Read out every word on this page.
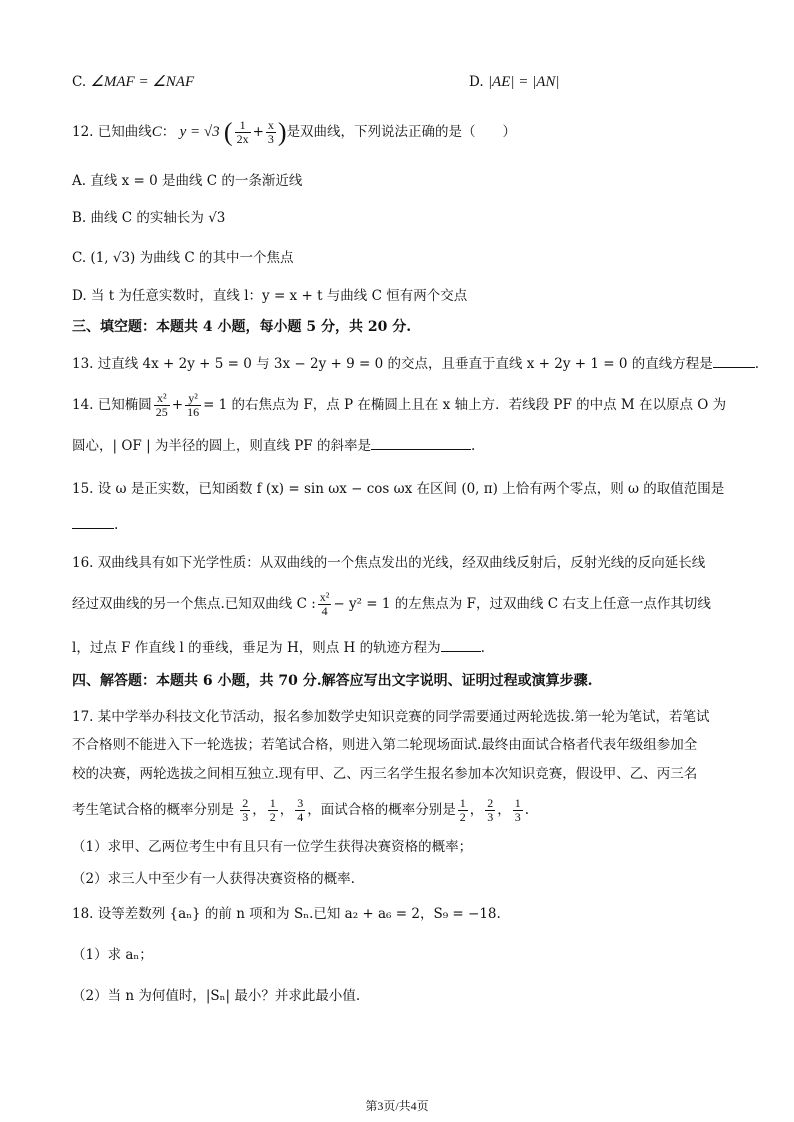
C. ∠MAF = ∠NAF	D. |AE| = |AN|
12. 已知曲线C： y = √3 ( $\frac{1}{2x} + \frac{x}{3}$ )是双曲线，下列说法正确的是（　　）
A. 直线 x = 0 是曲线 C 的一条渐近线
B. 曲线 C 的实轴长为 √3
C. (1, √3) 为曲线 C 的其中一个焦点
D. 当 t 为任意实数时，直线 l：y = x + t 与曲线 C 恒有两个交点
三、填空题：本题共 4 小题，每小题 5 分，共 20 分.
13. 过直线 4x + 2y + 5 = 0 与 3x − 2y + 9 = 0 的交点，且垂直于直线 x + 2y + 1 = 0 的直线方程是	.
14. 已知椭圆 $\frac{\text{x²}}{25} + \frac{\text{y²}}{16} = 1$ 的右焦点为 F，点 P 在椭圆上且在 x 轴上方．若线段 PF 的中点 M 在以原点 O 为
圆心，| OF | 为半径的圆上，则直线 PF 的斜率是	.
15. 设 ω 是正实数，已知函数 f (x) = sin ωx − cos ωx 在区间 (0, π) 上恰有两个零点，则 ω 的取值范围是
.
16. 双曲线具有如下光学性质：从双曲线的一个焦点发出的光线，经双曲线反射后，反射光线的反向延长线
经过双曲线的另一个焦点.已知双曲线 C : $\frac{\text{x²}}{4} - y^2 = 1$ 的左焦点为 F，过双曲线 C 右支上任意一点作其切线
l，过点 F 作直线 l 的垂线，垂足为 H，则点 H 的轨迹方程为	.
四、解答题：本题共 6 小题，共 70 分.解答应写出文字说明、证明过程或演算步骤.
17. 某中学举办科技文化节活动，报名参加数学史知识竞赛的同学需要通过两轮选拔.第一轮为笔试，若笔试
不合格则不能进入下一轮选拔；若笔试合格，则进入第二轮现场面试.最终由面试合格者代表年级组参加全
校的决赛，两轮选拔之间相互独立.现有甲、乙、丙三名学生报名参加本次知识竞赛，假设甲、乙、丙三名
考生笔试合格的概率分别是 $\frac{2}{3}$ ， $\frac{1}{2}$ ， $\frac{3}{4}$ ，面试合格的概率分别是 $\frac{1}{2}$ ， $\frac{2}{3}$ ， $\frac{1}{3}$ .
（1）求甲、乙两位考生中有且只有一位学生获得决赛资格的概率；
（2）求三人中至少有一人获得决赛资格的概率.
18. 设等差数列 {aₙ} 的前 n 项和为 Sₙ.已知 a₂ + a₆ = 2，S₉ = −18.
（1）求 aₙ；
（2）当 n 为何值时，|Sₙ| 最小？并求此最小值.
第3页/共4页
